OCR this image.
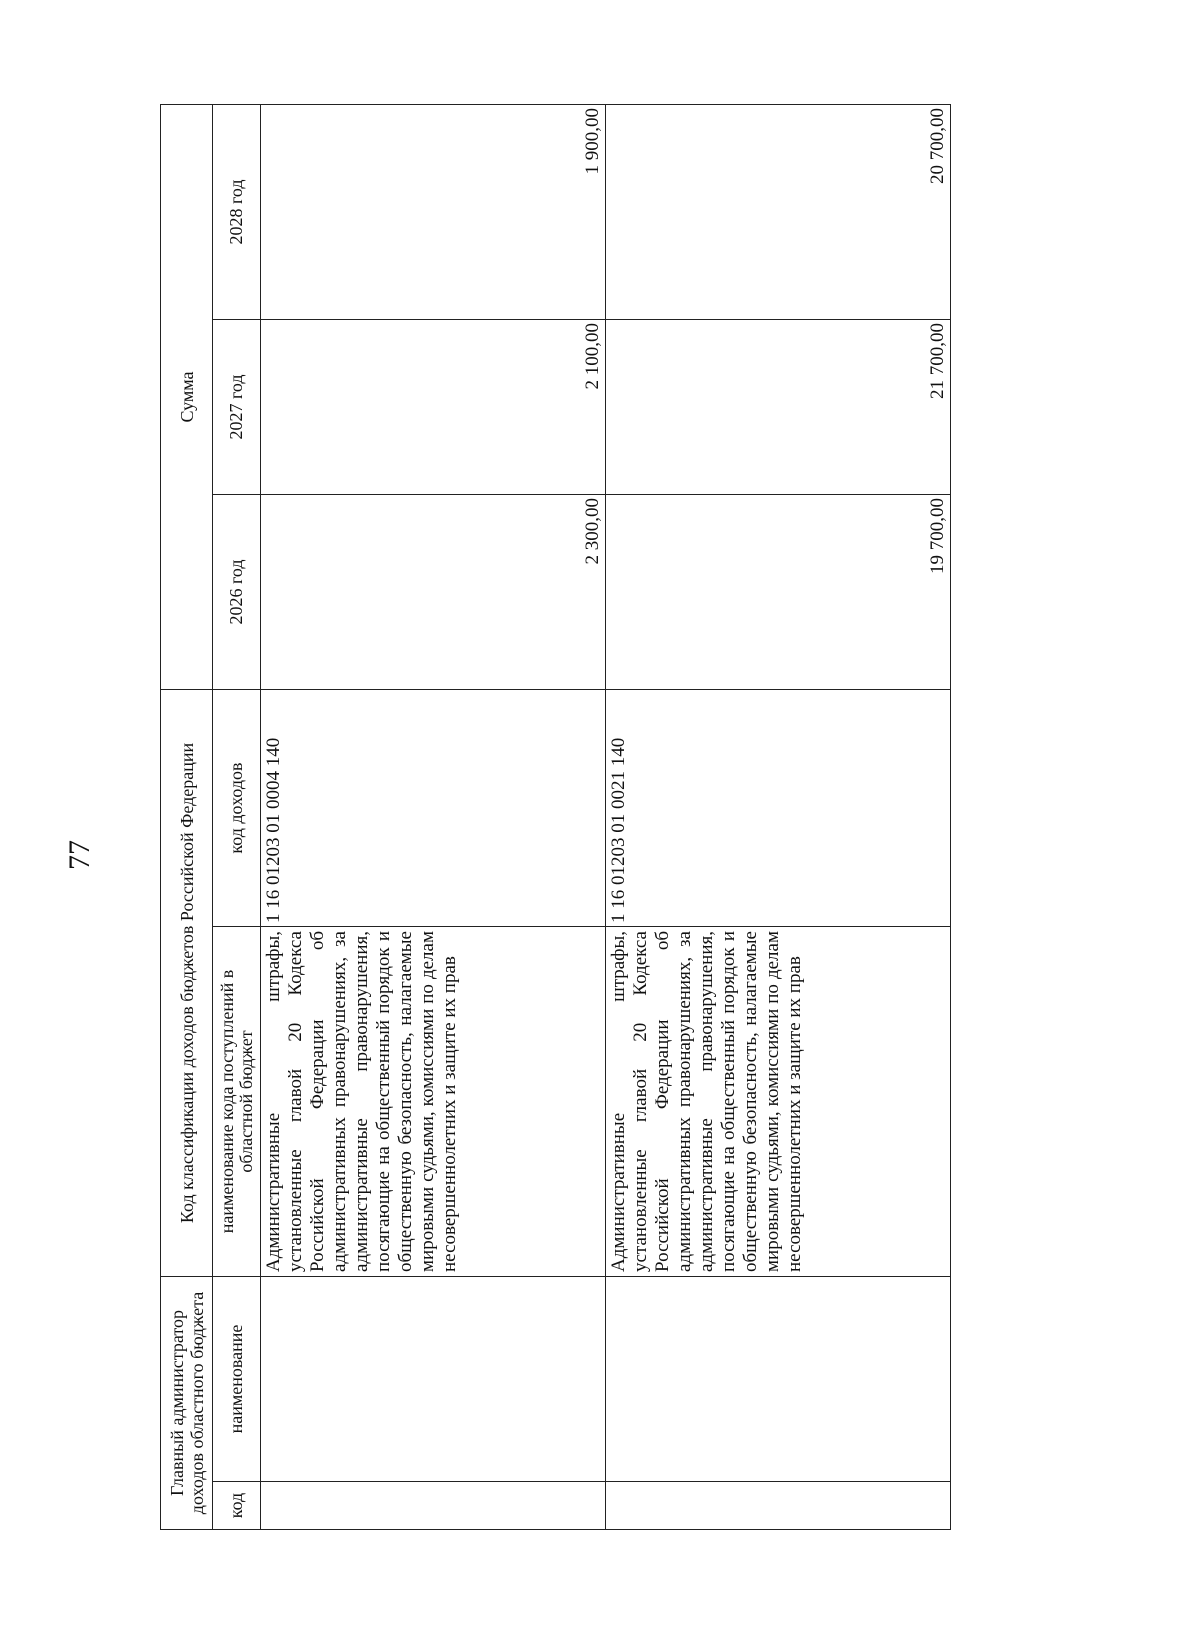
77
Главный администратор доходов областного бюджета		Код классификации доходов бюджетов Российской Федерации		Сумма		
код	наименование	наименование кода поступлений в областной бюджет	код доходов	2026 год	2027 год	2028 год
		Административные штрафы, установленные главой 20 Кодекса Российской Федерации об административных правонарушениях, за административные правонарушения, посягающие на общественный порядок и общественную безопасность, налагаемые мировыми судьями, комиссиями по делам несовершеннолетних и защите их прав	1 16 01203 01 0004 140	2 300,00	2 100,00	1 900,00
		Административные штрафы, установленные главой 20 Кодекса Российской Федерации об административных правонарушениях, за административные правонарушения, посягающие на общественный порядок и общественную безопасность, налагаемые мировыми судьями, комиссиями по делам несовершеннолетних и защите их прав	1 16 01203 01 0021 140	19 700,00	21 700,00	20 700,00
